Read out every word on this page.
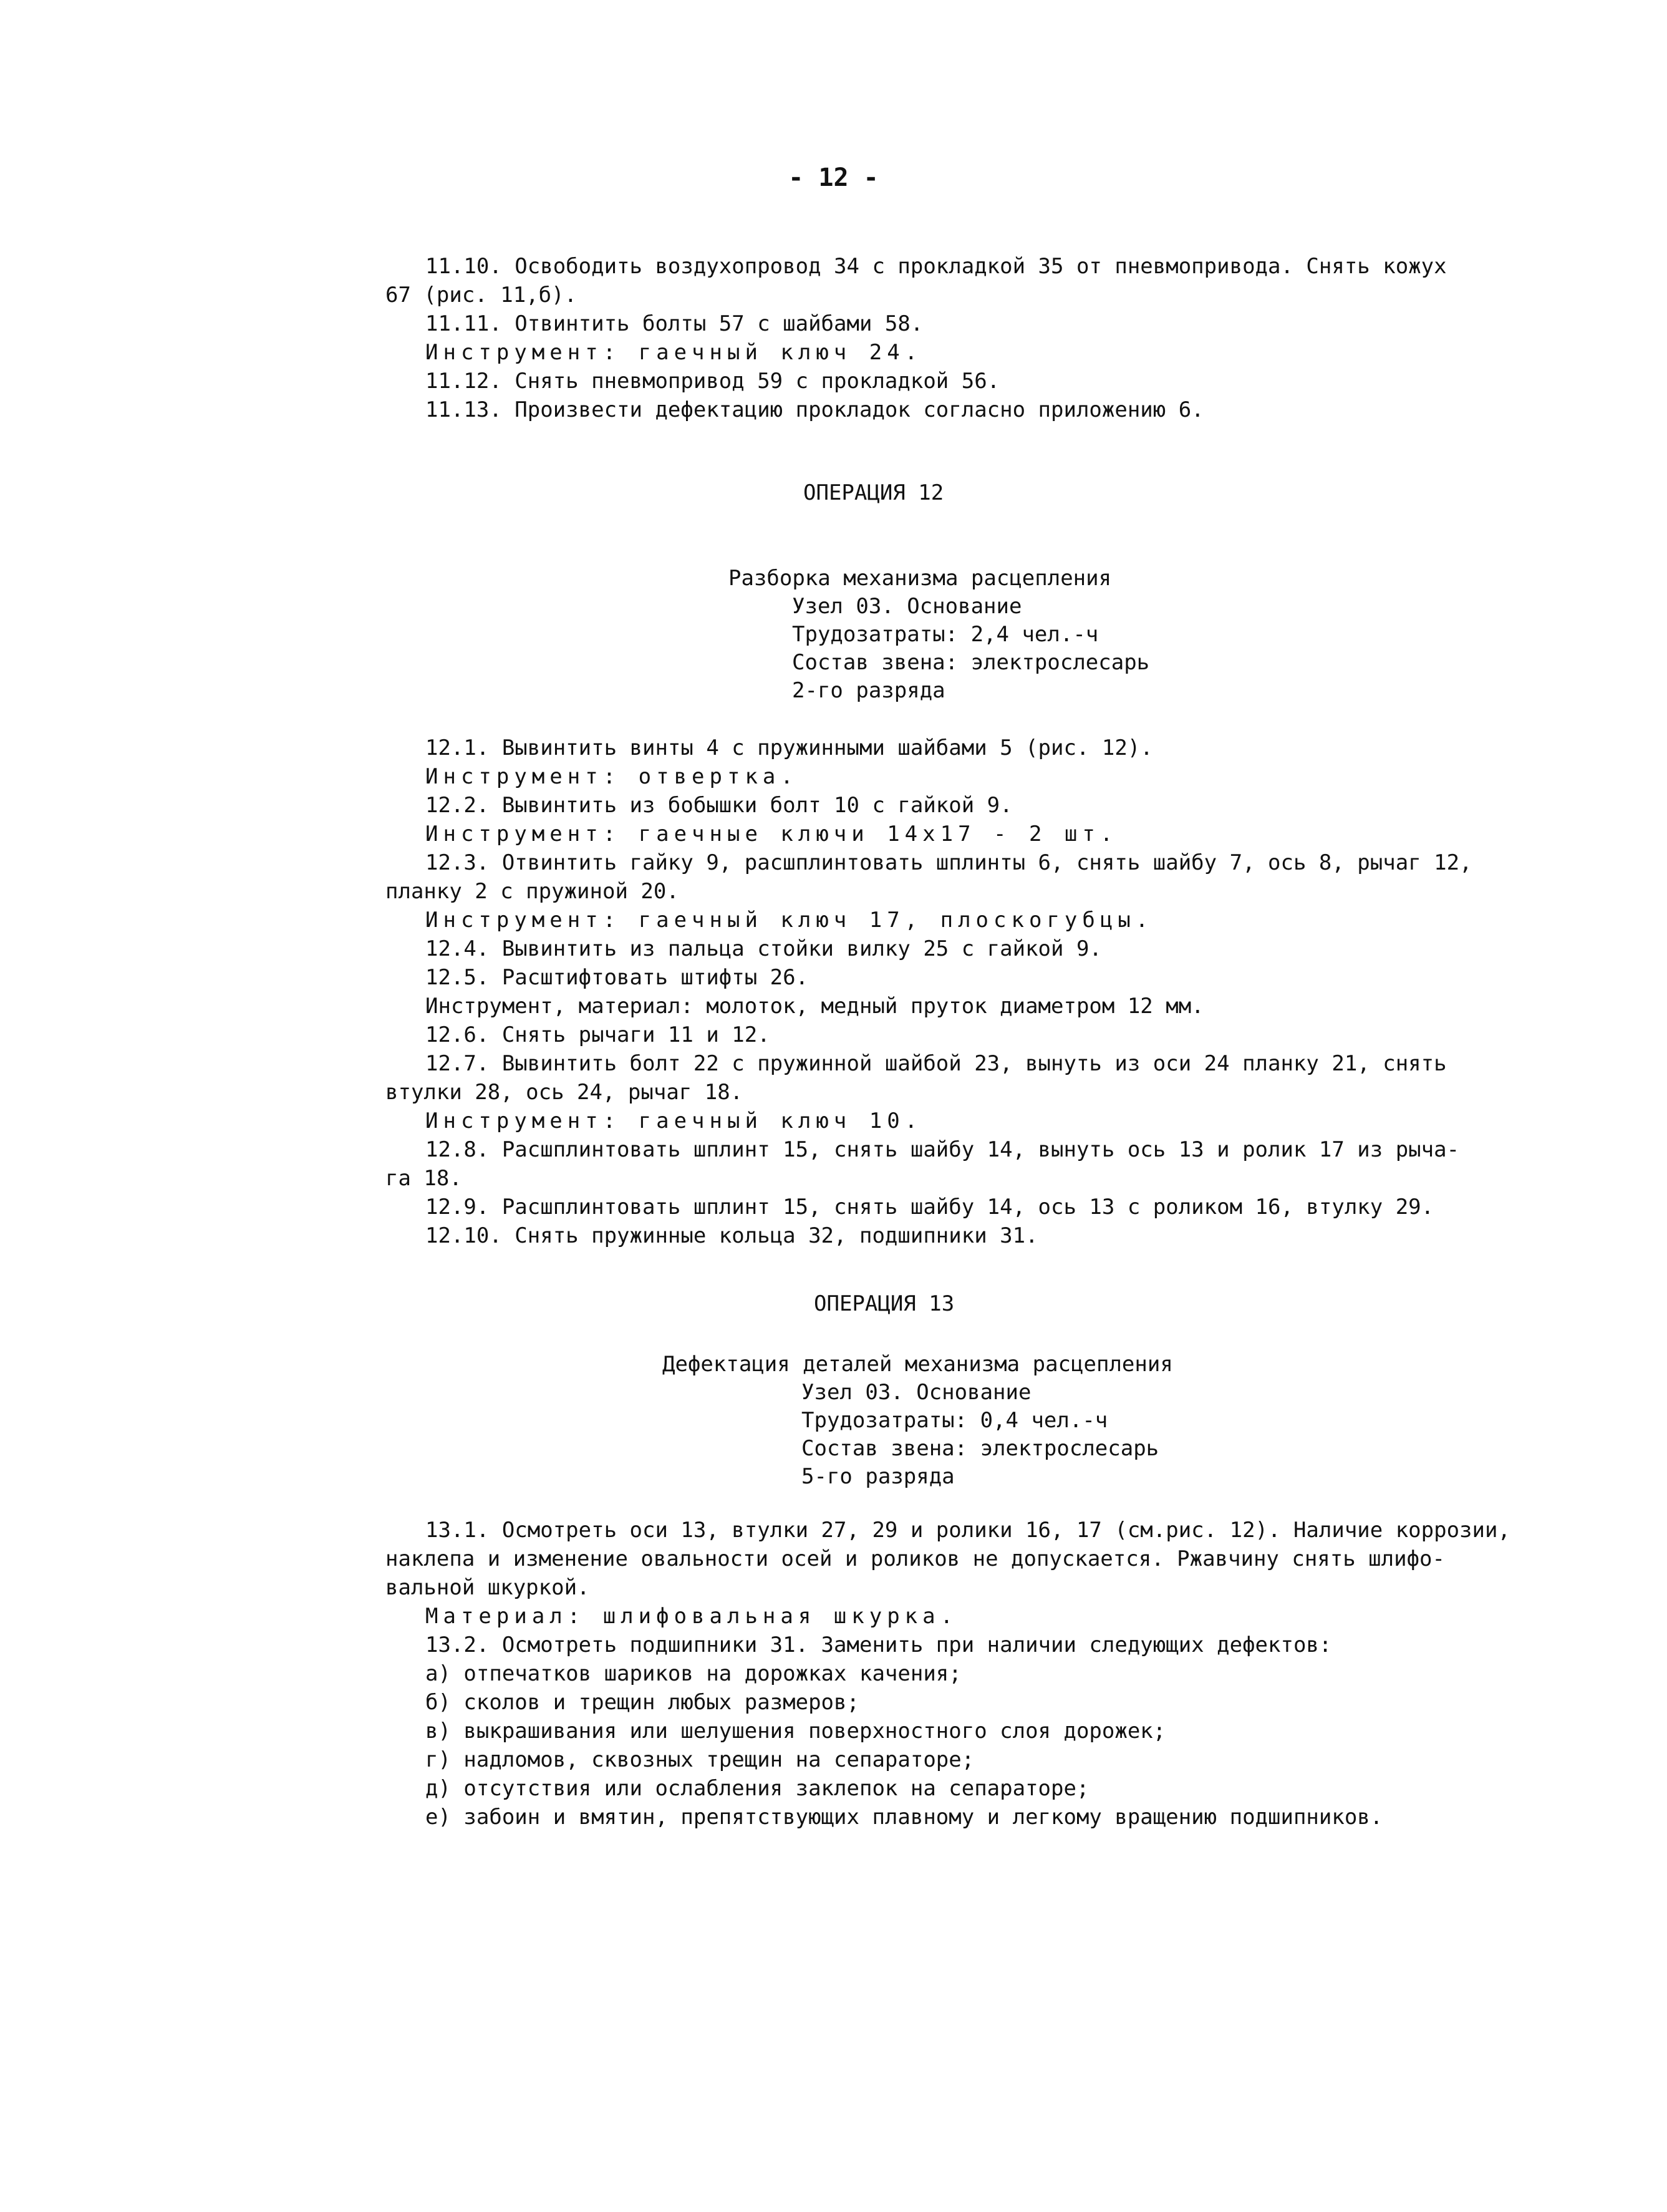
- 12 -
11.10. Освободить воздухопровод 34 с прокладкой 35 от пневмопривода. Снять кожух
67 (рис. 11,б).
11.11. Отвинтить болты 57 с шайбами 58.
Инструмент: гаечный ключ 24.
11.12. Снять пневмопривод 59 с прокладкой 56.
11.13. Произвести дефектацию прокладок согласно приложению 6.
ОПЕРАЦИЯ 12
Разборка механизма расцепления
Узел 03. Основание
Трудозатраты: 2,4 чел.-ч
Состав звена: электрослесарь
2-го разряда
12.1. Вывинтить винты 4 с пружинными шайбами 5 (рис. 12).
Инструмент: отвертка.
12.2. Вывинтить из бобышки болт 10 с гайкой 9.
Инструмент: гаечные ключи 14х17 - 2 шт.
12.3. Отвинтить гайку 9, расшплинтовать шплинты 6, снять шайбу 7, ось 8, рычаг 12,
планку 2 с пружиной 20.
Инструмент: гаечный ключ 17, плоскогубцы.
12.4. Вывинтить из пальца стойки вилку 25 с гайкой 9.
12.5. Расштифтовать штифты 26.
Инструмент, материал: молоток, медный пруток диаметром 12 мм.
12.6. Снять рычаги 11 и 12.
12.7. Вывинтить болт 22 с пружинной шайбой 23, вынуть из оси 24 планку 21, снять
втулки 28, ось 24, рычаг 18.
Инструмент: гаечный ключ 10.
12.8. Расшплинтовать шплинт 15, снять шайбу 14, вынуть ось 13 и ролик 17 из рыча-
га 18.
12.9. Расшплинтовать шплинт 15, снять шайбу 14, ось 13 с роликом 16, втулку 29.
12.10. Снять пружинные кольца 32, подшипники 31.
ОПЕРАЦИЯ 13
Дефектация деталей механизма расцепления
Узел 03. Основание
Трудозатраты: 0,4 чел.-ч
Состав звена: электрослесарь
5-го разряда
13.1. Осмотреть оси 13, втулки 27, 29 и ролики 16, 17 (см.рис. 12). Наличие коррозии,
наклепа и изменение овальности осей и роликов не допускается. Ржавчину снять шлифо-
вальной шкуркой.
Материал: шлифовальная шкурка.
13.2. Осмотреть подшипники 31. Заменить при наличии следующих дефектов:
а) отпечатков шариков на дорожках качения;
б) сколов и трещин любых размеров;
в) выкрашивания или шелушения поверхностного слоя дорожек;
г) надломов, сквозных трещин на сепараторе;
д) отсутствия или ослабления заклепок на сепараторе;
е) забоин и вмятин, препятствующих плавному и легкому вращению подшипников.
